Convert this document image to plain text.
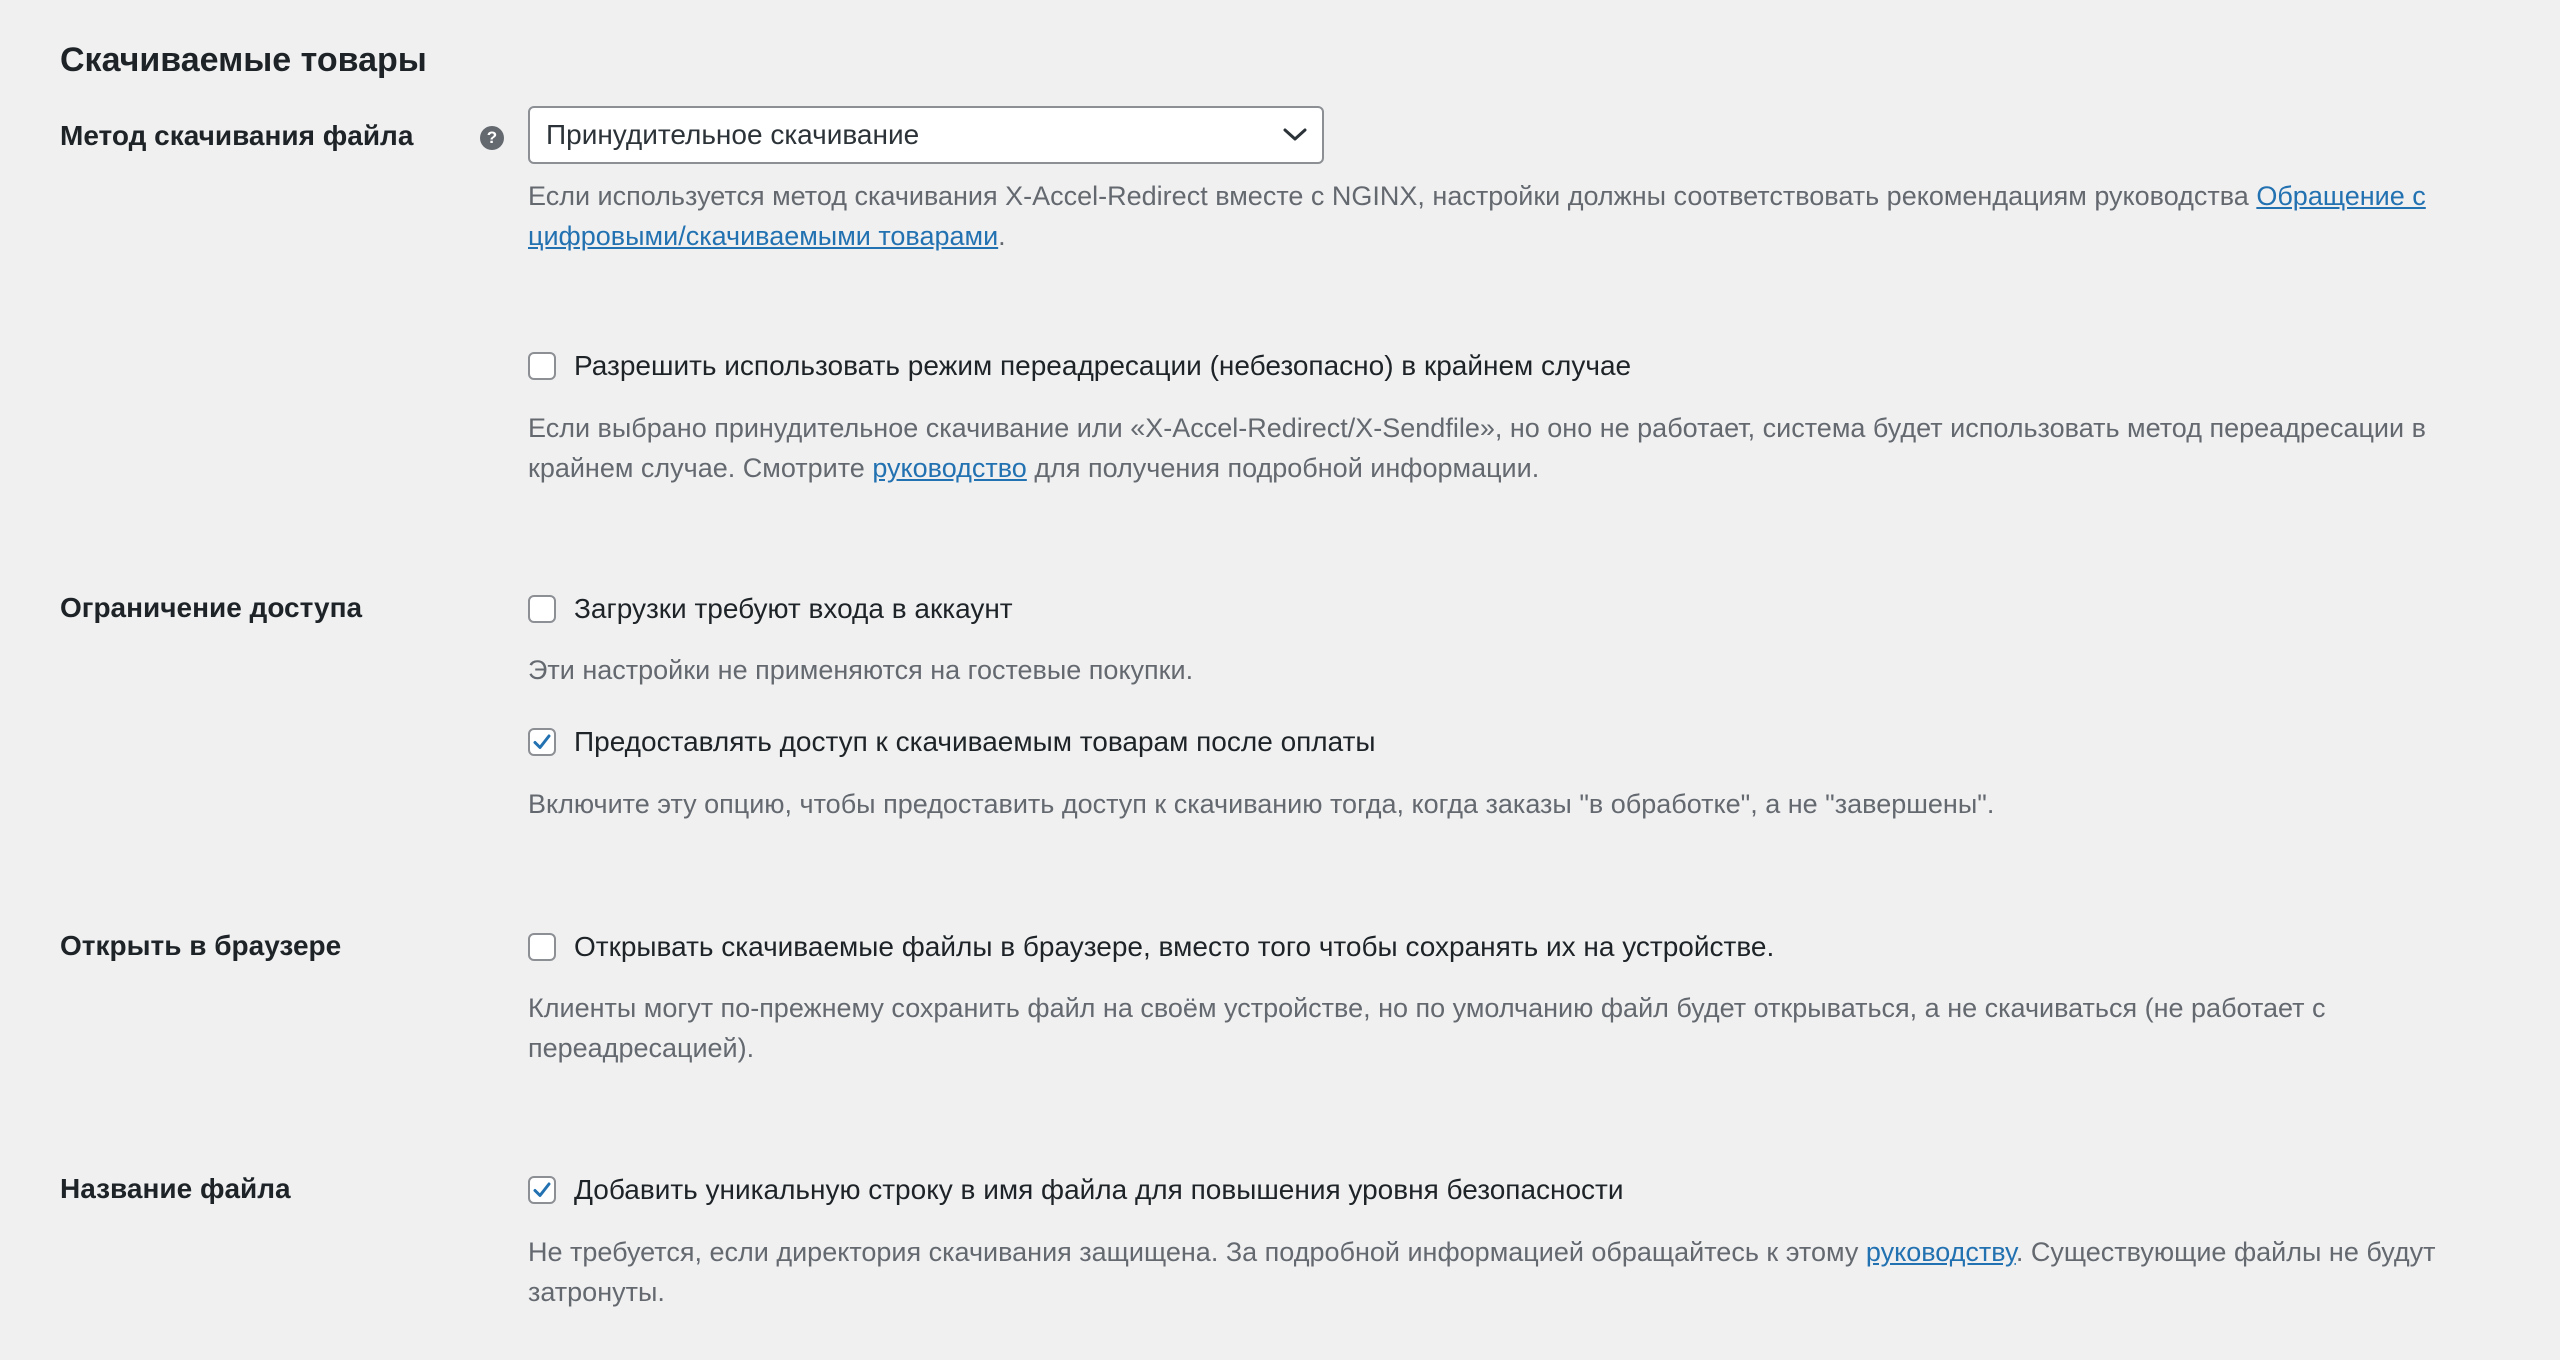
Скачиваемые товары
Метод скачивания файла	?	Принудительное скачивание
Если используется метод скачивания X-Accel-Redirect вместе с NGINX, настройки должны соответствовать рекомендациям руководства Обращение с цифровыми/скачиваемыми товарами.
Разрешить использовать режим переадресации (небезопасно) в крайнем случае
Если выбрано принудительное скачивание или «X-Accel-Redirect/X-Sendfile», но оно не работает, система будет использовать метод переадресации в крайнем случае. Смотрите руководство для получения подробной информации.
Ограничение доступа	Загрузки требуют входа в аккаунт
Эти настройки не применяются на гостевые покупки.
Предоставлять доступ к скачиваемым товарам после оплаты
Включите эту опцию, чтобы предоставить доступ к скачиванию тогда, когда заказы "в обработке", а не "завершены".
Открыть в браузере	Открывать скачиваемые файлы в браузере, вместо того чтобы сохранять их на устройстве.
Клиенты могут по-прежнему сохранить файл на своём устройстве, но по умолчанию файл будет открываться, а не скачиваться (не работает с переадресацией).
Название файла	Добавить уникальную строку в имя файла для повышения уровня безопасности
Не требуется, если директория скачивания защищена. За подробной информацией обращайтесь к этому руководству. Существующие файлы не будут затронуты.
